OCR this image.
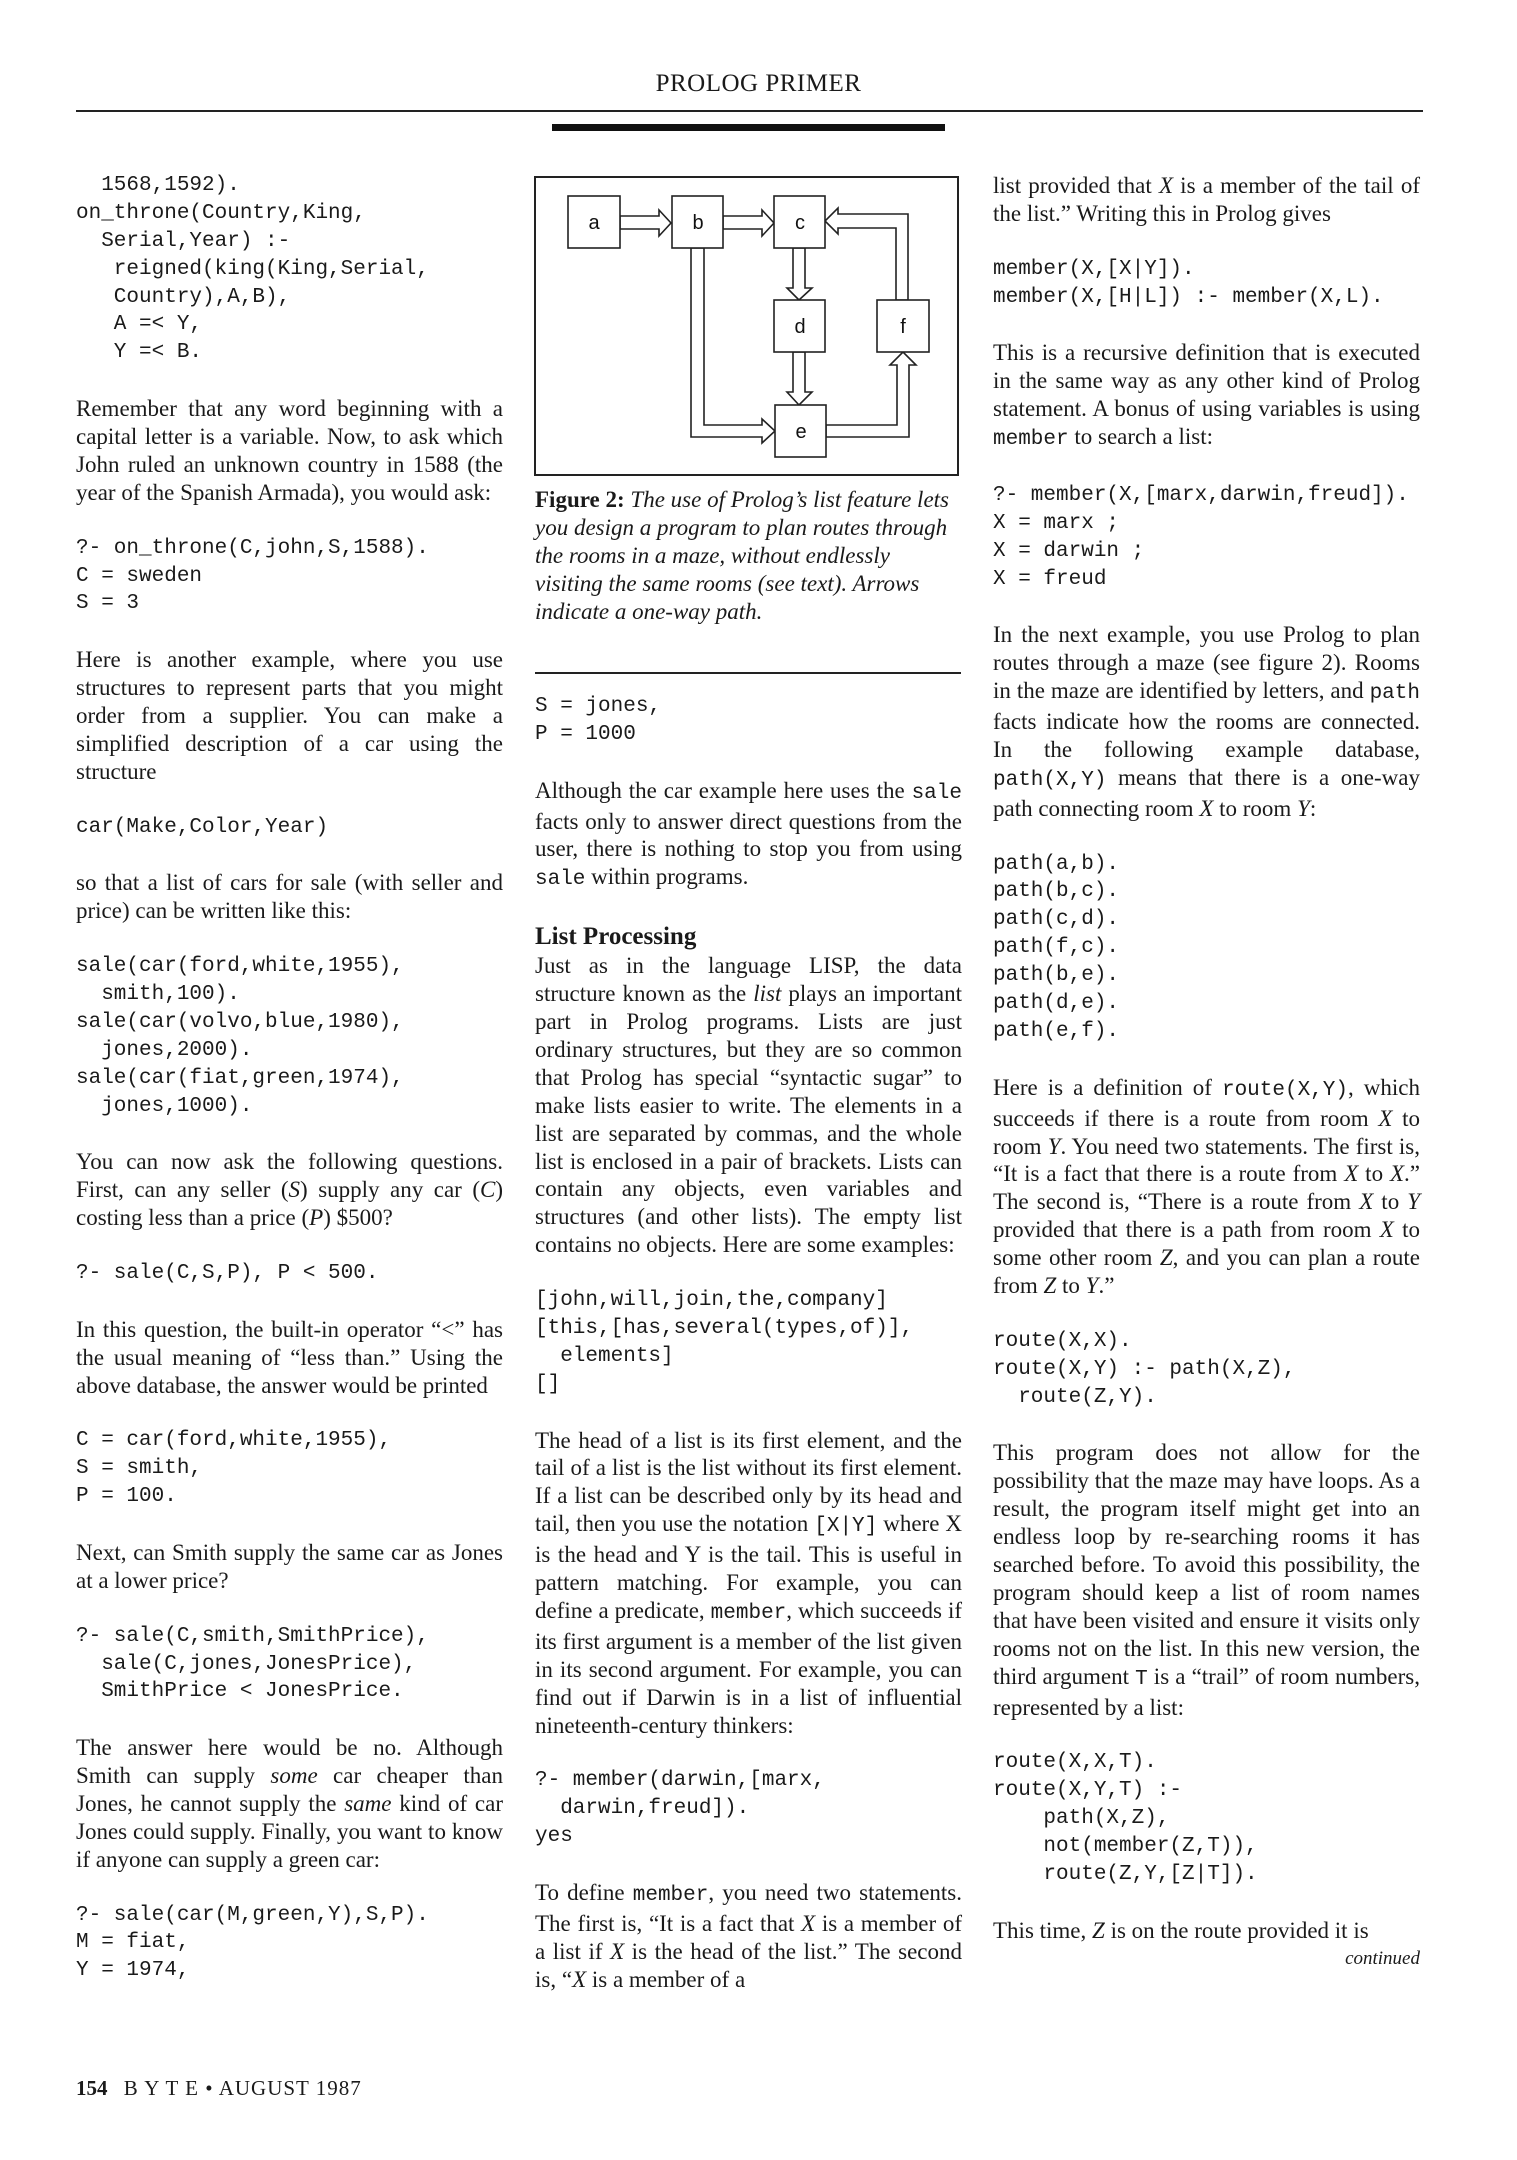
PROLOG PRIMER
a	b	c
d
e
f
Figure 2: The use of Prolog’s list feature lets you design a program to plan routes through the rooms in a maze, without endlessly visiting the same rooms (see text). Arrows indicate a one-way path.
1568,1592).
on_throne(Country,King,
Serial,Year) :-
reigned(king(King,Serial,
Country),A,B),
A =< Y,
Y =< B.

Remember that any word beginning with a capital letter is a variable. Now, to ask which John ruled an unknown country in 1588 (the year of the Spanish Armada), you would ask:

?- on_throne(C,john,S,1588).
C = sweden
S = 3

Here is another example, where you use structures to represent parts that you might order from a supplier. You can make a simplified description of a car using the structure

car(Make,Color,Year)

so that a list of cars for sale (with seller and price) can be written like this:

sale(car(ford,white,1955),
smith,100).
sale(car(volvo,blue,1980),
jones,2000).
sale(car(fiat,green,1974),
jones,1000).

You can now ask the following questions. First, can any seller (S) supply any car (C) costing less than a price (P) $500?

?- sale(C,S,P), P < 500.

In this question, the built-in operator “<” has the usual meaning of “less than.” Using the above database, the answer would be printed

C = car(ford,white,1955),
S = smith,
P = 100.

Next, can Smith supply the same car as Jones at a lower price?

?- sale(C,smith,SmithPrice),
sale(C,jones,JonesPrice),
SmithPrice < JonesPrice.

The answer here would be no. Although Smith can supply some car cheaper than Jones, he cannot supply the same kind of car Jones could supply. Finally, you want to know if anyone can supply a green car:

?- sale(car(M,green,Y),S,P).
M = fiat,
Y = 1974,
S = jones,
P = 1000

Although the car example here uses the sale facts only to answer direct questions from the user, there is nothing to stop you from using sale within programs.

List Processing

Just as in the language LISP, the data structure known as the list plays an important part in Prolog programs. Lists are just ordinary structures, but they are so common that Prolog has special “syntactic sugar” to make lists easier to write. The elements in a list are separated by commas, and the whole list is enclosed in a pair of brackets. Lists can contain any objects, even variables and structures (and other lists). The empty list contains no objects. Here are some examples:

[john,will,join,the,company]
[this,[has,several(types,of)],
elements]
[]

The head of a list is its first element, and the tail of a list is the list without its first element. If a list can be described only by its head and tail, then you use the notation [X|Y] where X is the head and Y is the tail. This is useful in pattern matching. For example, you can define a predicate, member, which succeeds if its first argument is a member of the list given in its second argument. For example, you can find out if Darwin is in a list of influential nineteenth-century thinkers:

?- member(darwin,[marx,
darwin,freud]).
yes

To define member, you need two statements. The first is, “It is a fact that X is a member of a list if X is the head of the list.” The second is, “X is a member of a

list provided that X is a member of the tail of the list.” Writing this in Prolog gives

member(X,[X|Y]).
member(X,[H|L]) :- member(X,L).

This is a recursive definition that is executed in the same way as any other kind of Prolog statement. A bonus of using variables is using member to search a list:

?- member(X,[marx,darwin,freud]).
X = marx ;
X = darwin ;
X = freud

In the next example, you use Prolog to plan routes through a maze (see figure 2). Rooms in the maze are identified by letters, and path facts indicate how the rooms are connected. In the following example database, path(X,Y) means that there is a one-way path connecting room X to room Y:

path(a,b).
path(b,c).
path(c,d).
path(f,c).
path(b,e).
path(d,e).
path(e,f).

Here is a definition of route(X,Y), which succeeds if there is a route from room X to room Y. You need two statements. The first is, “It is a fact that there is a route from X to X.” The second is, “There is a route from X to Y provided that there is a path from room X to some other room Z, and you can plan a route from Z to Y.”

route(X,X).
route(X,Y) :- path(X,Z),
route(Z,Y).

This program does not allow for the possibility that the maze may have loops. As a result, the program itself might get into an endless loop by re-searching rooms it has searched before. To avoid this possibility, the program should keep a list of room names that have been visited and ensure it visits only rooms not on the list. In this new version, the third argument T is a “trail” of room numbers, represented by a list:

route(X,X,T).
route(X,Y,T) :-
path(X,Z),
not(member(Z,T)),
route(Z,Y,[Z|T]).

This time, Z is on the route provided it is

continued
154 B Y T E • AUGUST 1987
